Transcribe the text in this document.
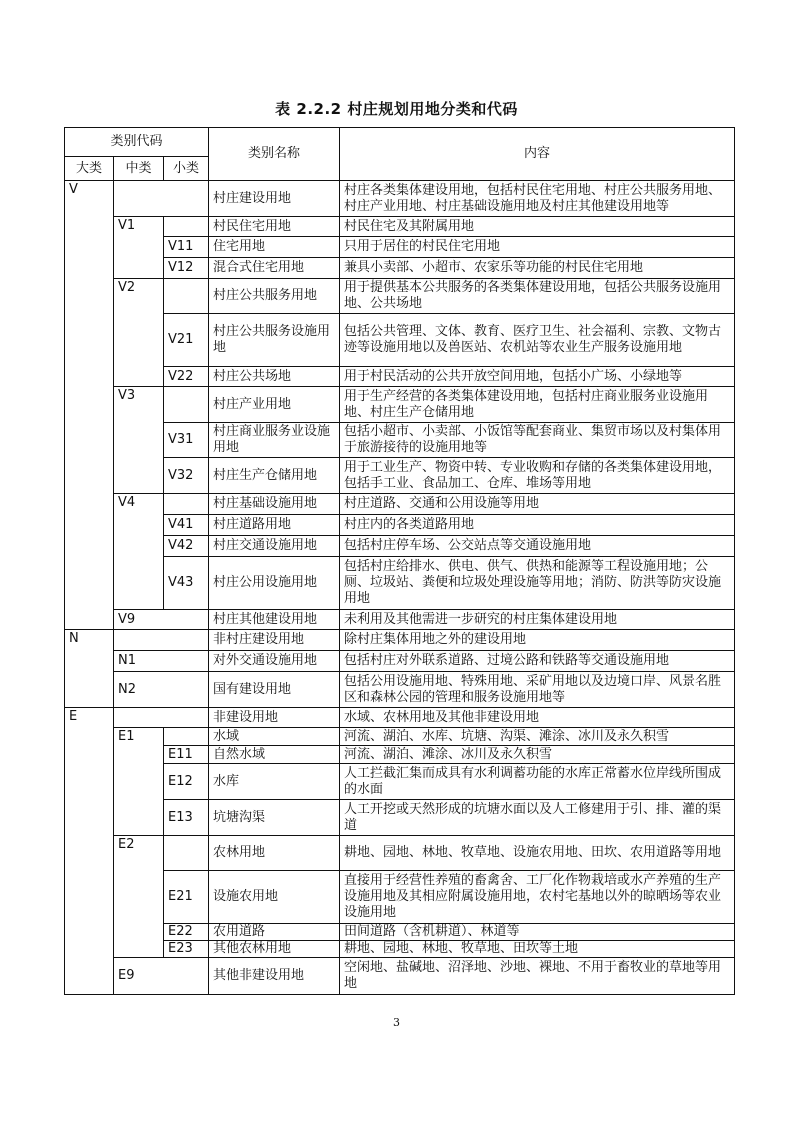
表 2.2.2 村庄规划用地分类和代码
类别代码			类别名称	内容
大类	中类	小类		
V			村庄建设用地	村庄各类集体建设用地，包括村民住宅用地、村庄公共服务用地、村庄产业用地、村庄基础设施用地及村庄其他建设用地等
	V1		村民住宅用地	村民住宅及其附属用地
		V11	住宅用地	只用于居住的村民住宅用地
		V12	混合式住宅用地	兼具小卖部、小超市、农家乐等功能的村民住宅用地
	V2		村庄公共服务用地	用于提供基本公共服务的各类集体建设用地，包括公共服务设施用地、公共场地
		V21	村庄公共服务设施用地	包括公共管理、文体、教育、医疗卫生、社会福利、宗教、文物古迹等设施用地以及兽医站、农机站等农业生产服务设施用地
		V22	村庄公共场地	用于村民活动的公共开放空间用地，包括小广场、小绿地等
	V3		村庄产业用地	用于生产经营的各类集体建设用地，包括村庄商业服务业设施用地、村庄生产仓储用地
		V31	村庄商业服务业设施用地	包括小超市、小卖部、小饭馆等配套商业、集贸市场以及村集体用于旅游接待的设施用地等
		V32	村庄生产仓储用地	用于工业生产、物资中转、专业收购和存储的各类集体建设用地，包括手工业、食品加工、仓库、堆场等用地
	V4		村庄基础设施用地	村庄道路、交通和公用设施等用地
		V41	村庄道路用地	村庄内的各类道路用地
		V42	村庄交通设施用地	包括村庄停车场、公交站点等交通设施用地
		V43	村庄公用设施用地	包括村庄给排水、供电、供气、供热和能源等工程设施用地；公厕、垃圾站、粪便和垃圾处理设施等用地；消防、防洪等防灾设施用地
	V9		村庄其他建设用地	未利用及其他需进一步研究的村庄集体建设用地
N			非村庄建设用地	除村庄集体用地之外的建设用地
	N1		对外交通设施用地	包括村庄对外联系道路、过境公路和铁路等交通设施用地
	N2		国有建设用地	包括公用设施用地、特殊用地、采矿用地以及边境口岸、风景名胜区和森林公园的管理和服务设施用地等
E			非建设用地	水域、农林用地及其他非建设用地
	E1		水域	河流、湖泊、水库、坑塘、沟渠、滩涂、冰川及永久积雪
		E11	自然水域	河流、湖泊、滩涂、冰川及永久积雪
		E12	水库	人工拦截汇集而成具有水利调蓄功能的水库正常蓄水位岸线所围成的水面
		E13	坑塘沟渠	人工开挖或天然形成的坑塘水面以及人工修建用于引、排、灌的渠道
	E2		农林用地	耕地、园地、林地、牧草地、设施农用地、田坎、农用道路等用地
		E21	设施农用地	直接用于经营性养殖的畜禽舍、工厂化作物栽培或水产养殖的生产设施用地及其相应附属设施用地，农村宅基地以外的晾晒场等农业设施用地
		E22	农用道路	田间道路（含机耕道）、林道等
		E23	其他农林用地	耕地、园地、林地、牧草地、田坎等土地
	E9		其他非建设用地	空闲地、盐碱地、沼泽地、沙地、裸地、不用于畜牧业的草地等用地
3
